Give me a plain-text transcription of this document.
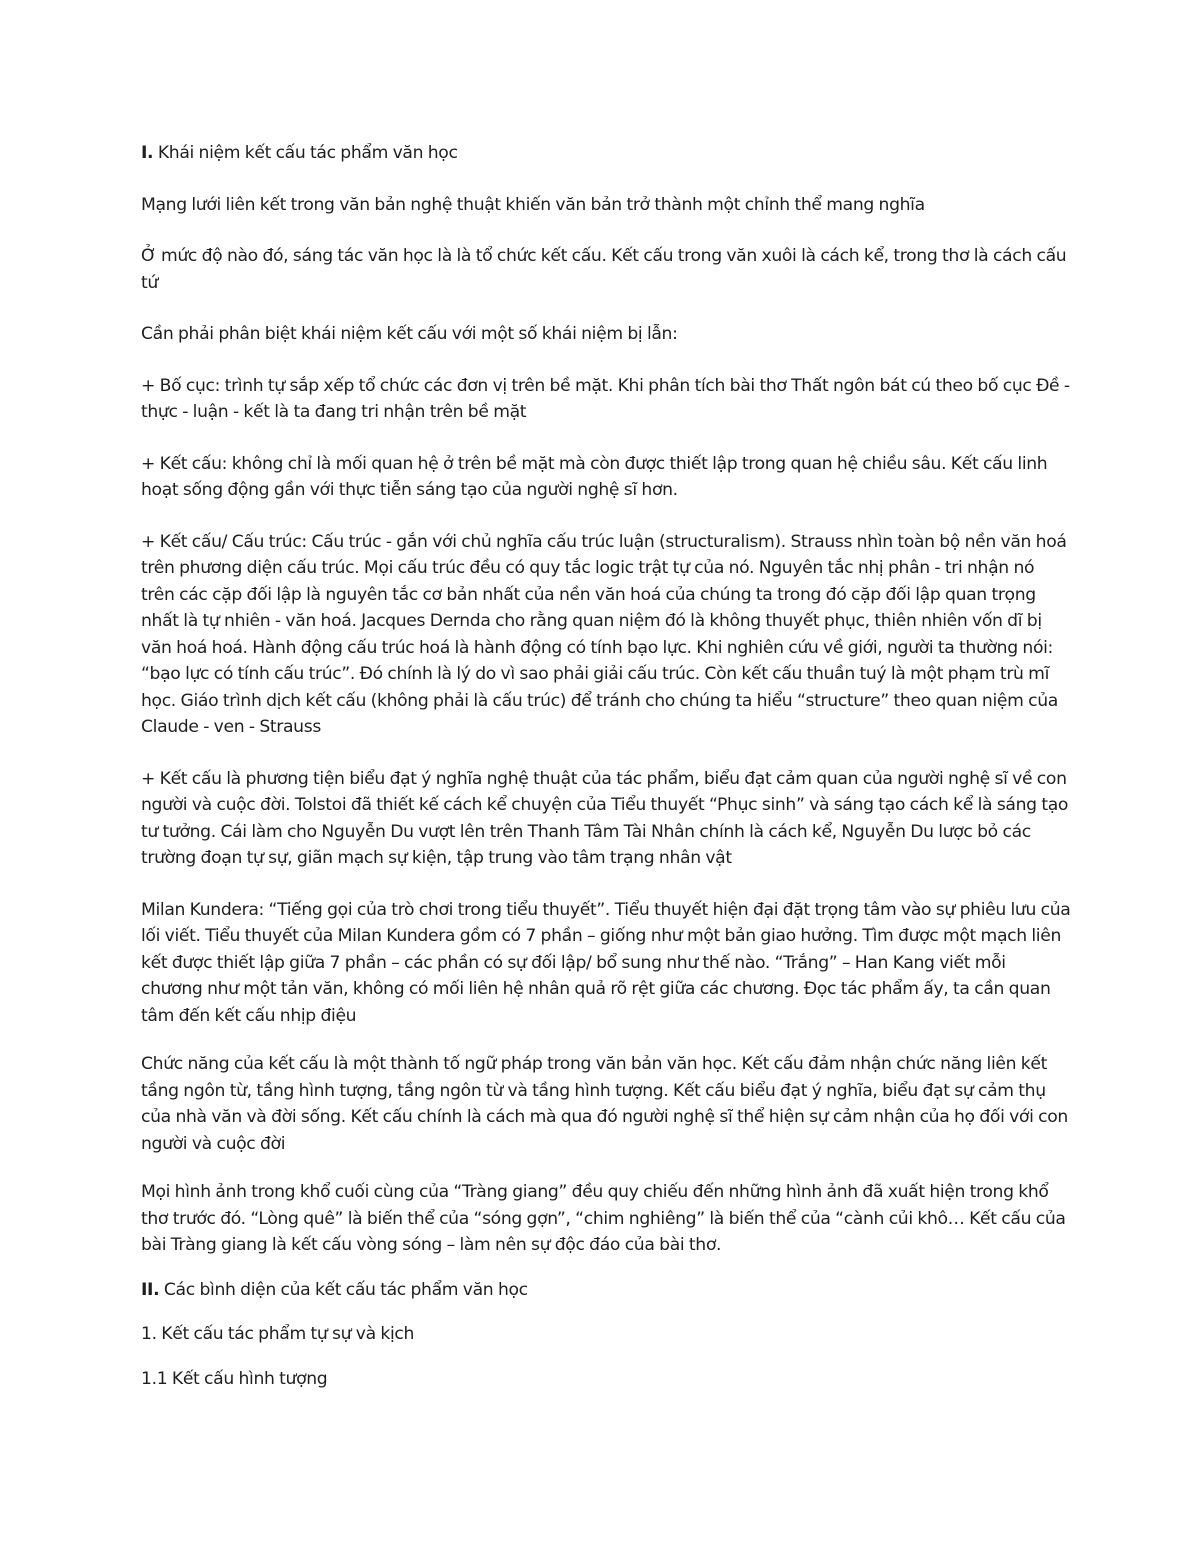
I. Khái niệm kết cấu tác phẩm văn học

Mạng lưới liên kết trong văn bản nghệ thuật khiến văn bản trở thành một chỉnh thể mang nghĩa

Ở mức độ nào đó, sáng tác văn học là là tổ chức kết cấu. Kết cấu trong văn xuôi là cách kể, trong thơ là cách cấu tứ

Cần phải phân biệt khái niệm kết cấu với một số khái niệm bị lẫn:

+ Bố cục: trình tự sắp xếp tổ chức các đơn vị trên bề mặt. Khi phân tích bài thơ Thất ngôn bát cú theo bố cục Đề - thực - luận - kết là ta đang tri nhận trên bề mặt

+ Kết cấu: không chỉ là mối quan hệ ở trên bề mặt mà còn được thiết lập trong quan hệ chiều sâu. Kết cấu linh hoạt sống động gần với thực tiễn sáng tạo của người nghệ sĩ hơn.

+ Kết cấu/ Cấu trúc: Cấu trúc - gắn với chủ nghĩa cấu trúc luận (structuralism). Strauss nhìn toàn bộ nền văn hoá trên phương diện cấu trúc. Mọi cấu trúc đều có quy tắc logic trật tự của nó. Nguyên tắc nhị phân - tri nhận nó trên các cặp đối lập là nguyên tắc cơ bản nhất của nền văn hoá của chúng ta trong đó cặp đối lập quan trọng nhất là tự nhiên - văn hoá. Jacques Dernda cho rằng quan niệm đó là không thuyết phục, thiên nhiên vốn dĩ bị văn hoá hoá. Hành động cấu trúc hoá là hành động có tính bạo lực. Khi nghiên cứu về giới, người ta thường nói: “bạo lực có tính cấu trúc”. Đó chính là lý do vì sao phải giải cấu trúc. Còn kết cấu thuần tuý là một phạm trù mĩ học. Giáo trình dịch kết cấu (không phải là cấu trúc) để tránh cho chúng ta hiểu “structure” theo quan niệm của Claude - ven - Strauss

+ Kết cấu là phương tiện biểu đạt ý nghĩa nghệ thuật của tác phẩm, biểu đạt cảm quan của người nghệ sĩ về con người và cuộc đời. Tolstoi đã thiết kế cách kể chuyện của Tiểu thuyết “Phục sinh” và sáng tạo cách kể là sáng tạo tư tưởng. Cái làm cho Nguyễn Du vượt lên trên Thanh Tâm Tài Nhân chính là cách kể, Nguyễn Du lược bỏ các trường đoạn tự sự, giãn mạch sự kiện, tập trung vào tâm trạng nhân vật

Milan Kundera: “Tiếng gọi của trò chơi trong tiểu thuyết”. Tiểu thuyết hiện đại đặt trọng tâm vào sự phiêu lưu của lối viết. Tiểu thuyết của Milan Kundera gồm có 7 phần – giống như một bản giao hưởng. Tìm được một mạch liên kết được thiết lập giữa 7 phần – các phần có sự đối lập/ bổ sung như thế nào. “Trắng” – Han Kang viết mỗi chương như một tản văn, không có mối liên hệ nhân quả rõ rệt giữa các chương. Đọc tác phẩm ấy, ta cần quan tâm đến kết cấu nhịp điệu

Chức năng của kết cấu là một thành tố ngữ pháp trong văn bản văn học. Kết cấu đảm nhận chức năng liên kết tầng ngôn từ, tầng hình tượng, tầng ngôn từ và tầng hình tượng. Kết cấu biểu đạt ý nghĩa, biểu đạt sự cảm thụ của nhà văn và đời sống. Kết cấu chính là cách mà qua đó người nghệ sĩ thể hiện sự cảm nhận của họ đối với con người và cuộc đời

Mọi hình ảnh trong khổ cuối cùng của “Tràng giang” đều quy chiếu đến những hình ảnh đã xuất hiện trong khổ thơ trước đó. “Lòng quê” là biến thể của “sóng gợn”, “chim nghiêng” là biến thể của “cành củi khô… Kết cấu của bài Tràng giang là kết cấu vòng sóng – làm nên sự độc đáo của bài thơ.

II. Các bình diện của kết cấu tác phẩm văn học

1. Kết cấu tác phẩm tự sự và kịch

1.1 Kết cấu hình tượng
